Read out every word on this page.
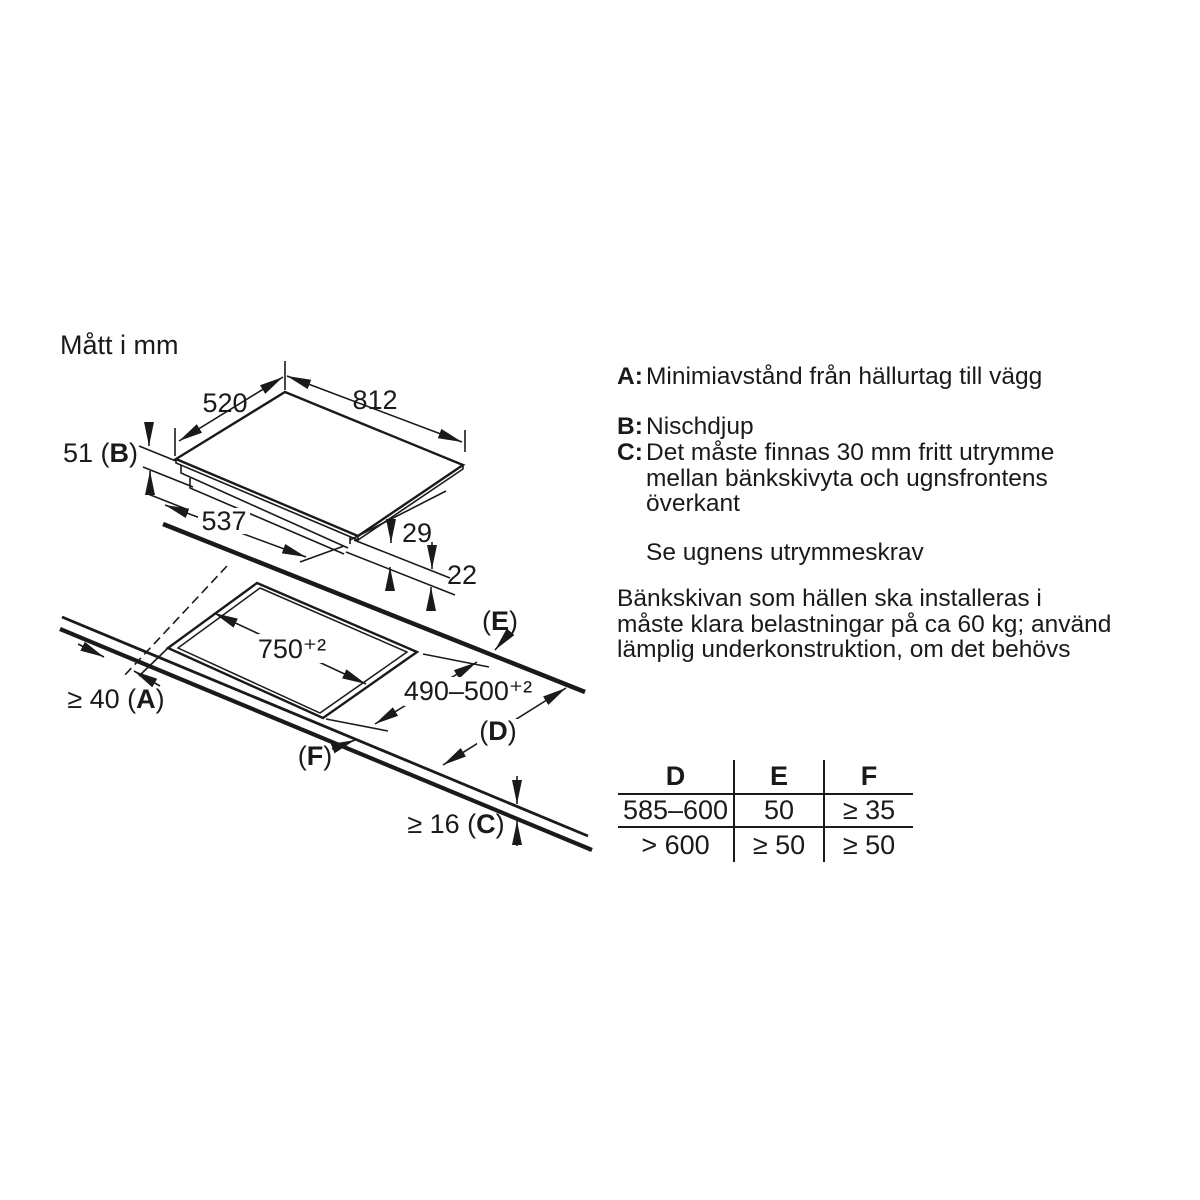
Mått i mm
520	812
51 (B)
537	29
22
750⁺²
490–500⁺²
≥ 40 (A)
(E)
(D)
(F)
≥ 16 (C)
A: Minimiavstånd från hällurtag till vägg
B: Nischdjup
C: Det måste finnas 30 mm fritt utrymme
mellan bänkskivyta och ugnsfrontens
överkant
Se ugnens utrymmeskrav
Bänkskivan som hällen ska installeras i
måste klara belastningar på ca 60 kg; använd
lämplig underkonstruktion, om det behövs
D	E	F
585–600	50	≥ 35
> 600	≥ 50	≥ 50
